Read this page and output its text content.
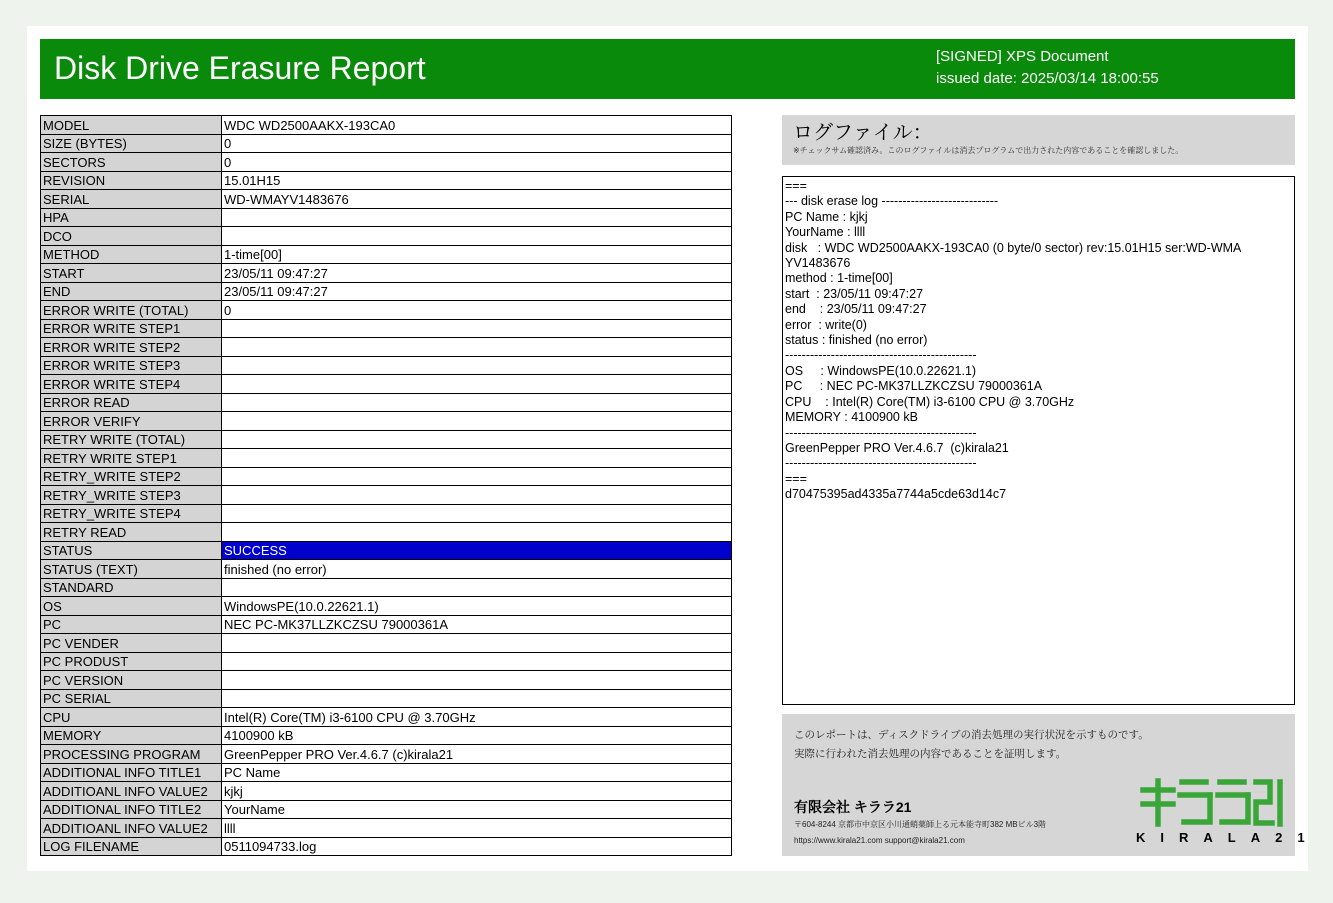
Disk Drive Erasure Report	[SIGNED] XPS Document
issued date: 2025/03/14 18:00:55
MODEL	WDC WD2500AAKX-193CA0
SIZE (BYTES)	0
SECTORS	0
REVISION	15.01H15
SERIAL	WD-WMAYV1483676
HPA	
DCO	
METHOD	1-time[00]
START	23/05/11 09:47:27
END	23/05/11 09:47:27
ERROR WRITE (TOTAL)	0
ERROR WRITE STEP1	
ERROR WRITE STEP2	
ERROR WRITE STEP3	
ERROR WRITE STEP4	
ERROR READ	
ERROR VERIFY	
RETRY WRITE (TOTAL)	
RETRY WRITE STEP1	
RETRY_WRITE STEP2	
RETRY_WRITE STEP3	
RETRY_WRITE STEP4	
RETRY READ	
STATUS	SUCCESS
STATUS (TEXT)	finished (no error)
STANDARD	
OS	WindowsPE(10.0.22621.1)
PC	NEC PC-MK37LLZKCZSU 79000361A
PC VENDER	
PC PRODUST	
PC VERSION	
PC SERIAL	
CPU	Intel(R) Core(TM) i3-6100 CPU @ 3.70GHz
MEMORY	4100900 kB
PROCESSING PROGRAM	GreenPepper PRO Ver.4.6.7 (c)kirala21
ADDITIONAL INFO TITLE1	PC Name
ADDITIOANL INFO VALUE2	kjkj
ADDITIONAL INFO TITLE2	YourName
ADDITIOANL INFO VALUE2	llll
LOG FILENAME	0511094733.log
ログファイル：
※チェックサム確認済み。このログファイルは消去プログラムで出力された内容であることを確認しました。
===
--- disk erase log ----------------------------
PC Name : kjkj
YourName : llll
disk   : WDC WD2500AAKX-193CA0 (0 byte/0 sector) rev:15.01H15 ser:WD-WMA
YV1483676
method : 1-time[00]
start  : 23/05/11 09:47:27
end    : 23/05/11 09:47:27
error  : write(0)
status : finished (no error)
----------------------------------------------
OS     : WindowsPE(10.0.22621.1)
PC     : NEC PC-MK37LLZKCZSU 79000361A
CPU    : Intel(R) Core(TM) i3-6100 CPU @ 3.70GHz
MEMORY : 4100900 kB
----------------------------------------------
GreenPepper PRO Ver.4.6.7  (c)kirala21
----------------------------------------------
===
d70475395ad4335a7744a5cde63d14c7
このレポートは、ディスクドライブの消去処理の実行状況を示すものです。
実際に行われた消去処理の内容であることを証明します。
有限会社 キララ21
〒604-8244 京都市中京区小川通蛸薬師上る元本能寺町382 MBビル3階
https://www.kirala21.com support@kirala21.com	KIRALA21
